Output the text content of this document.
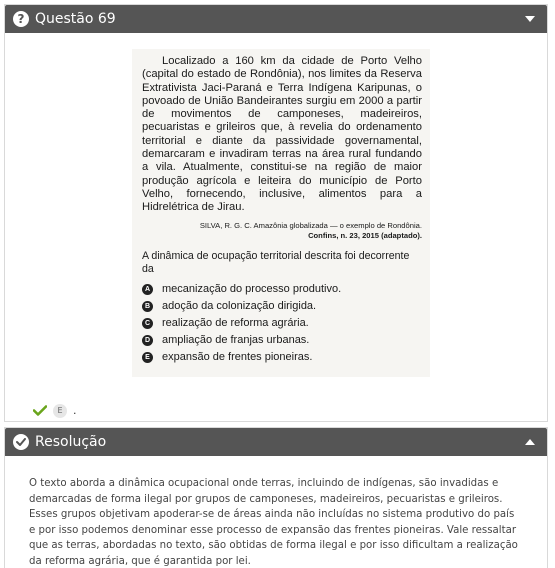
? Questão 69

Localizado a 160 km da cidade de Porto Velho (capital do estado de Rondônia), nos limites da Reserva Extrativista Jaci-Paraná e Terra Indígena Karipunas, o povoado de União Bandeirantes surgiu em 2000 a partir de movimentos de camponeses, madeireiros, pecuaristas e grileiros que, à revelia do ordenamento territorial e diante da passividade governamental, demarcaram e invadiram terras na área rural fundando a vila. Atualmente, constitui-se na região de maior produção agrícola e leiteira do município de Porto Velho, fornecendo, inclusive, alimentos para a Hidrelétrica de Jirau.

SILVA, R. G. C. Amazônia globalizada — o exemplo de Rondônia.
Confins, n. 23, 2015 (adaptado).

A dinâmica de ocupação territorial descrita foi decorrente da

A mecanização do processo produtivo.
B adoção da colonização dirigida.
C realização de reforma agrária.
D ampliação de franjas urbanas.
E expansão de frentes pioneiras.
E .
Resolução

O texto aborda a dinâmica ocupacional onde terras, incluindo de indígenas, são invadidas e demarcadas de forma ilegal por grupos de camponeses, madeireiros, pecuaristas e grileiros. Esses grupos objetivam apoderar-se de áreas ainda não incluídas no sistema produtivo do país e por isso podemos denominar esse processo de expansão das frentes pioneiras. Vale ressaltar que as terras, abordadas no texto, são obtidas de forma ilegal e por isso dificultam a realização da reforma agrária, que é garantida por lei.
